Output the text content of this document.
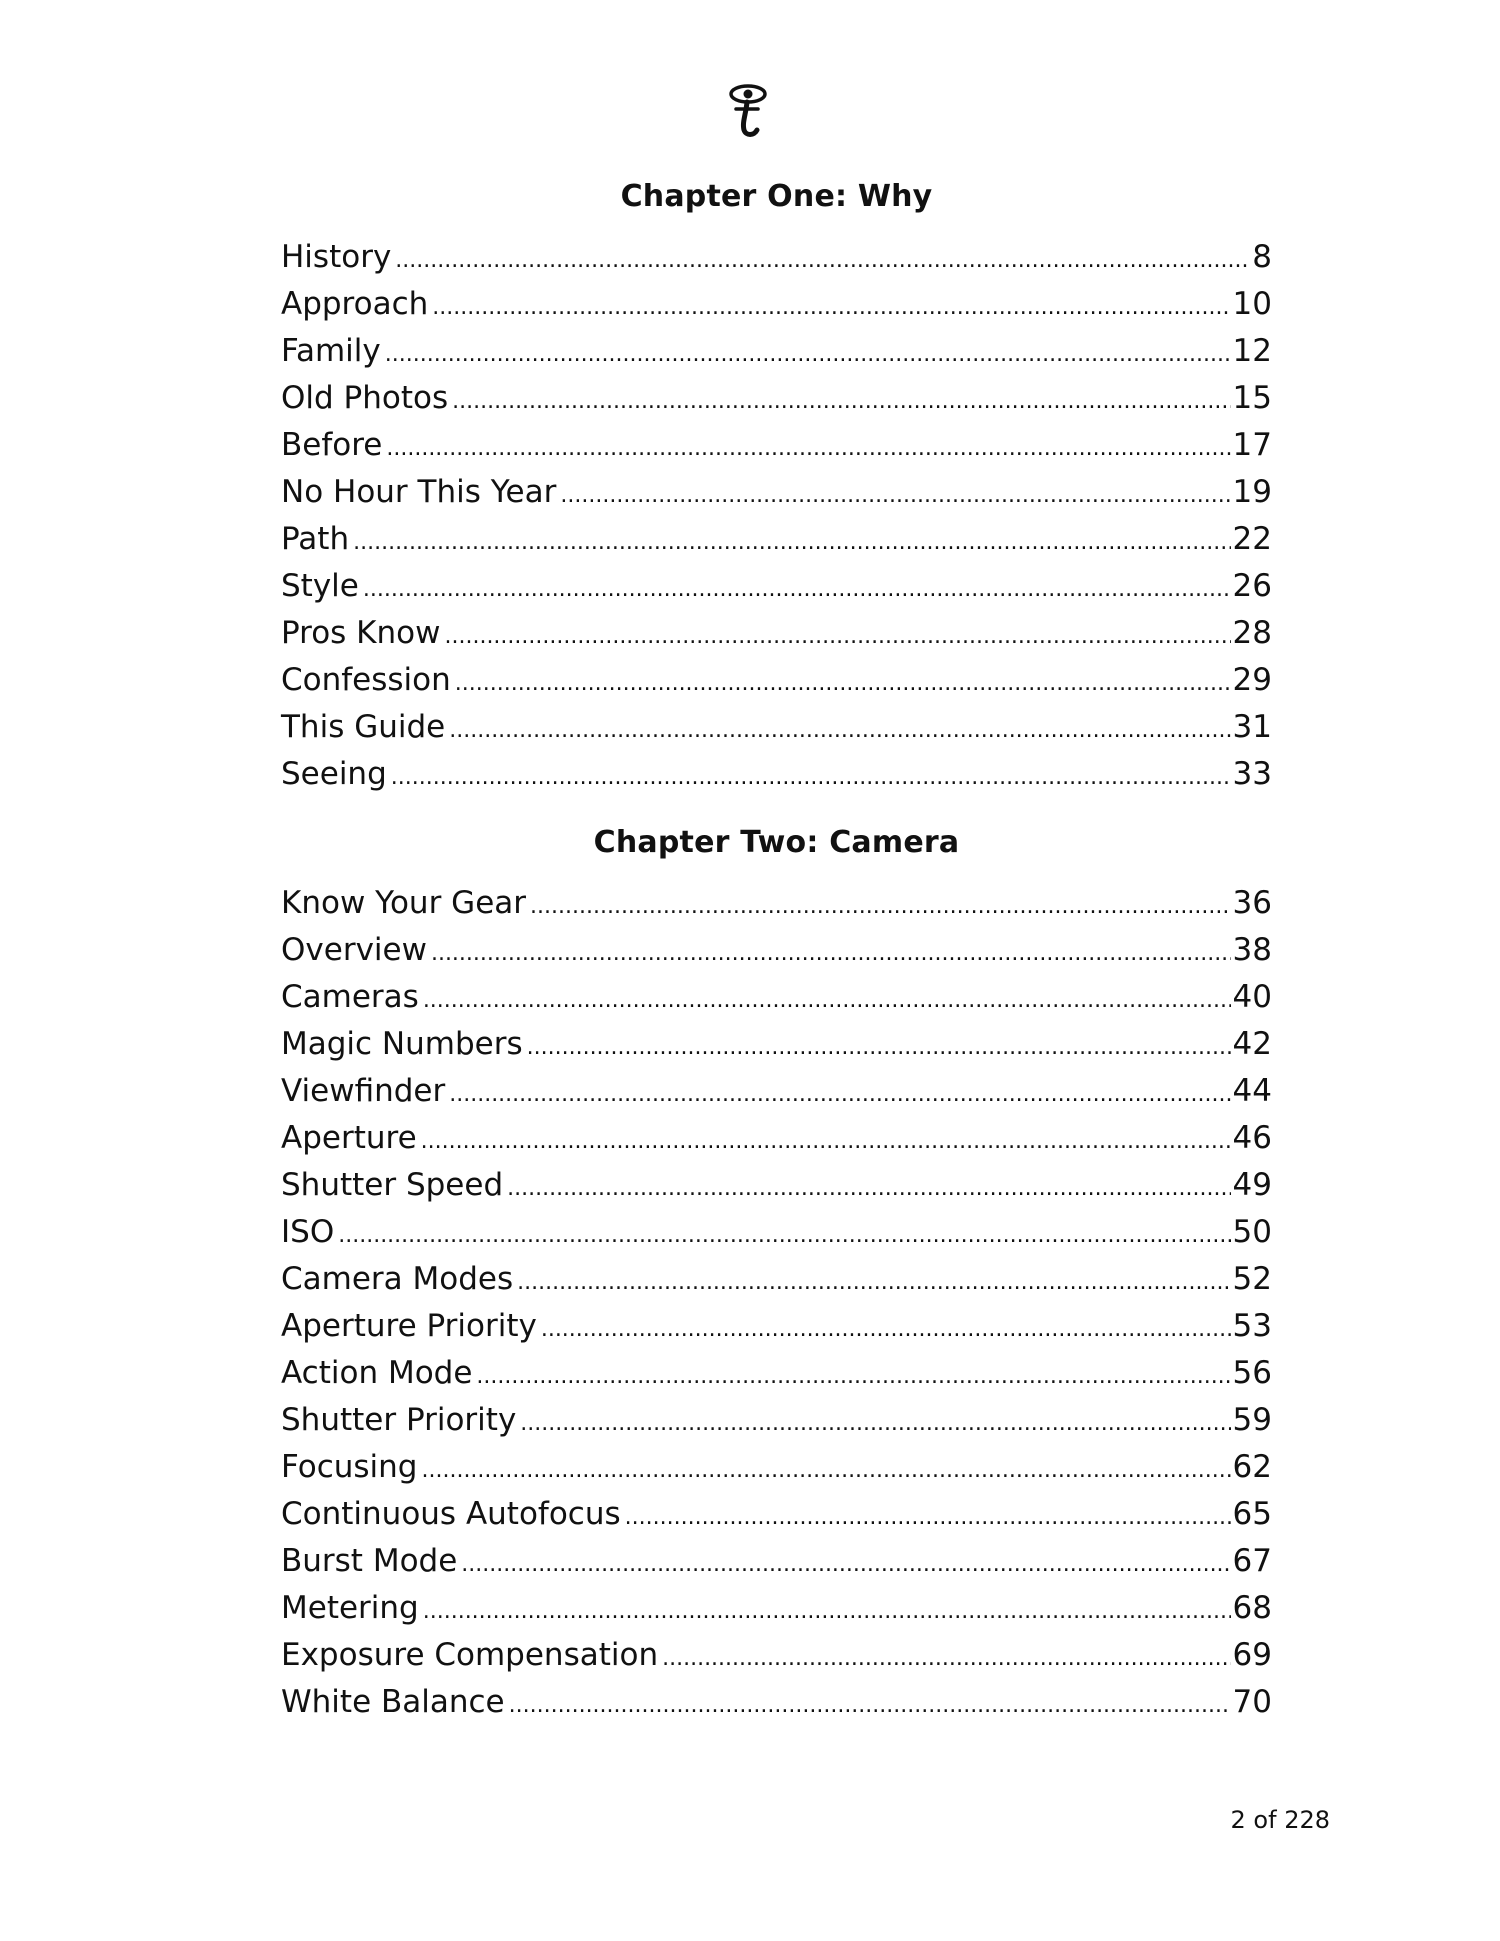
Chapter One: Why
History .....	8
Approach .....	10
Family .....	12
Old Photos .....	15
Before .....	17
No Hour This Year .....	19
Path .....	22
Style .....	26
Pros Know .....	28
Confession .....	29
This Guide .....	31
Seeing .....	33
Chapter Two: Camera
Know Your Gear .....	36
Overview .....	38
Cameras .....	40
Magic Numbers .....	42
Viewfinder .....	44
Aperture .....	46
Shutter Speed .....	49
ISO .....	50
Camera Modes .....	52
Aperture Priority .....	53
Action Mode .....	56
Shutter Priority .....	59
Focusing .....	62
Continuous Autofocus .....	65
Burst Mode .....	67
Metering .....	68
Exposure Compensation .....	69
White Balance .....	70
2 of 228
